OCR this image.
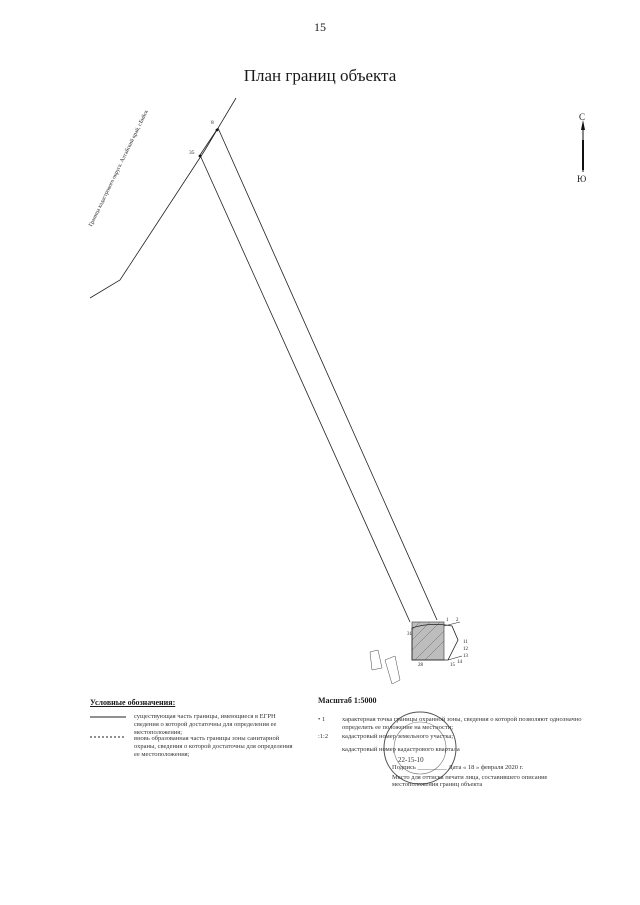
15
План границ объекта
Граница кадастрового округа. Алтайский край, г.Бийск	8
35
31
1 2
11
12
13
14
15
28
С
Ю
Масштаб 1:5000
Условные обозначения:
существующая часть границы, имеющиеся в ЕГРН сведения о которой достаточны для определения ее местоположения;
вновь образованная часть границы зоны санитарной охраны, сведения о которой достаточны для определения ее местоположения;
• 1	характерная точка границы охранной зоны, сведения о которой позволяют однозначно определить ее положение на местности;
:1:2 кадастровый номер земельного участка;
кадастровый номер кадастрового квартала
22-15-10
Подпись _________ Дата « 18 » февраля 2020 г.
Место для оттиска печати лица, составившего описание местоположения границ объекта
